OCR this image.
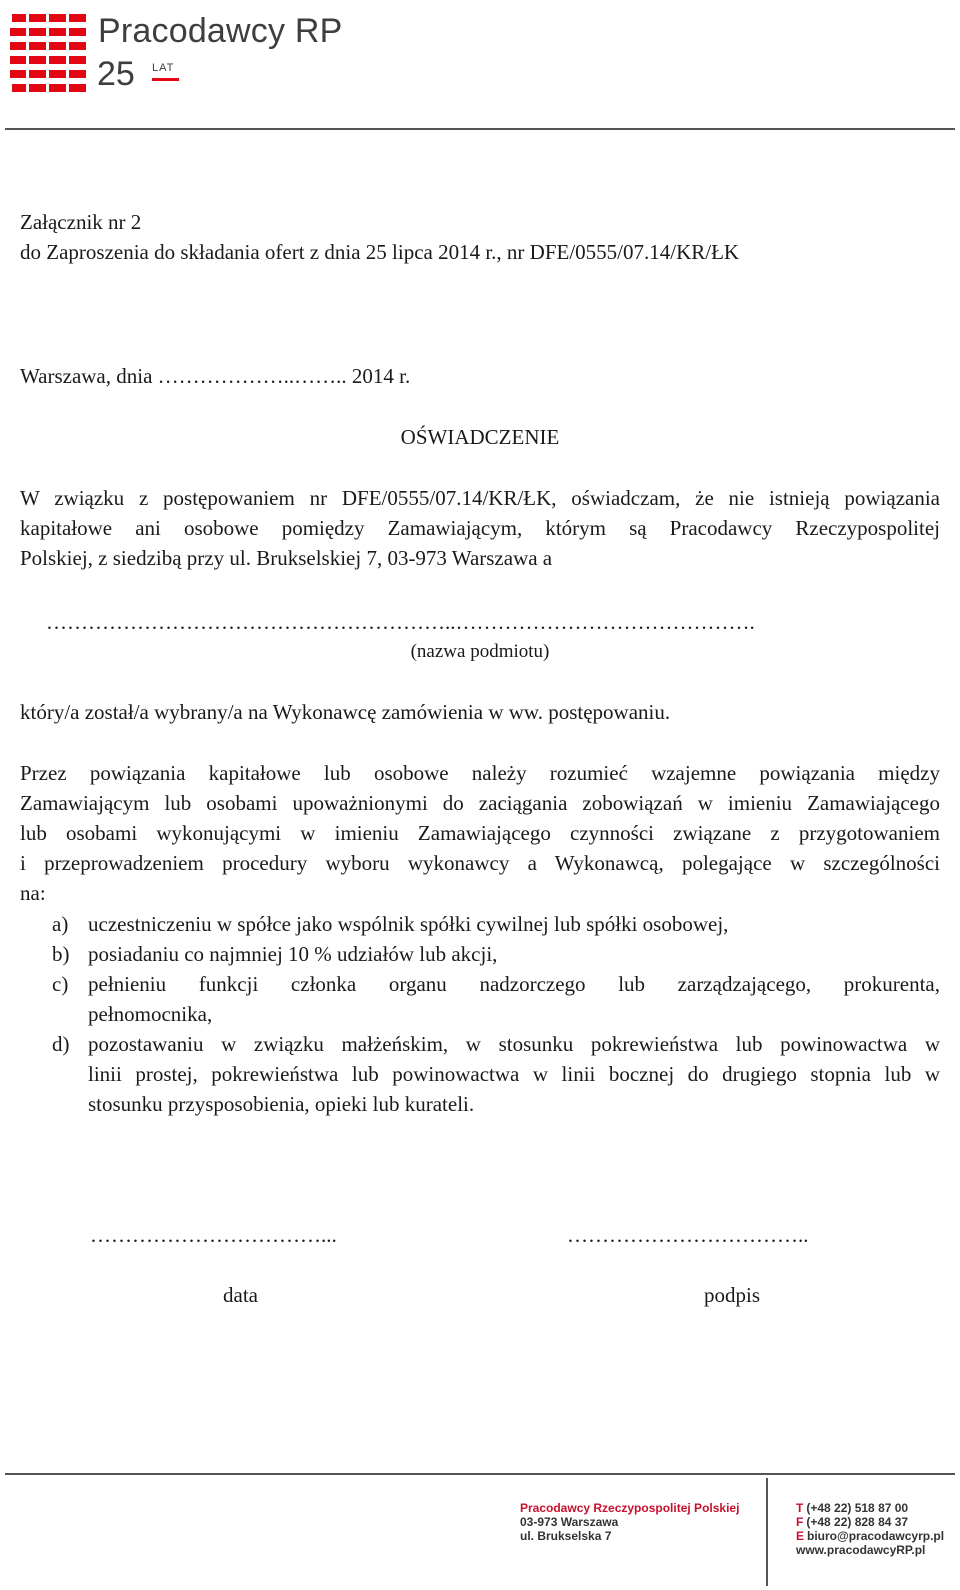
Pracodawcy RP
25 LAT
Załącznik nr 2
do Zaproszenia do składania ofert z dnia 25 lipca 2014 r., nr DFE/0555/07.14/KR/ŁK
Warszawa, dnia ………………..…….. 2014 r.
OŚWIADCZENIE
W związku z postępowaniem nr DFE/0555/07.14/KR/ŁK, oświadczam, że nie istnieją powiązania
kapitałowe ani osobowe pomiędzy Zamawiającym, którym są Pracodawcy Rzeczypospolitej
Polskiej, z siedzibą przy ul. Brukselskiej 7, 03-973 Warszawa a
…………………………………………………..…………………………………….
(nazwa podmiotu)
który/a został/a wybrany/a na Wykonawcę zamówienia w ww. postępowaniu.
Przez powiązania kapitałowe lub osobowe należy rozumieć wzajemne powiązania między
Zamawiającym lub osobami upoważnionymi do zaciągania zobowiązań w imieniu Zamawiającego
lub osobami wykonującymi w imieniu Zamawiającego czynności związane z przygotowaniem
i przeprowadzeniem procedury wyboru wykonawcy a Wykonawcą, polegające w szczególności
na:
a) uczestniczeniu w spółce jako wspólnik spółki cywilnej lub spółki osobowej,
b) posiadaniu co najmniej 10 % udziałów lub akcji,
c) pełnieniu funkcji członka organu nadzorczego lub zarządzającego, prokurenta,
pełnomocnika,
d) pozostawaniu w związku małżeńskim, w stosunku pokrewieństwa lub powinowactwa w
linii prostej, pokrewieństwa lub powinowactwa w linii bocznej do drugiego stopnia lub w
stosunku przysposobienia, opieki lub kurateli.
……………………………...	……………………………..
data	podpis
Pracodawcy Rzeczypospolitej Polskiej
03-973 Warszawa
ul. Brukselska 7
T (+48 22) 518 87 00
F (+48 22) 828 84 37
E biuro@pracodawcyrp.pl
www.pracodawcyRP.pl
